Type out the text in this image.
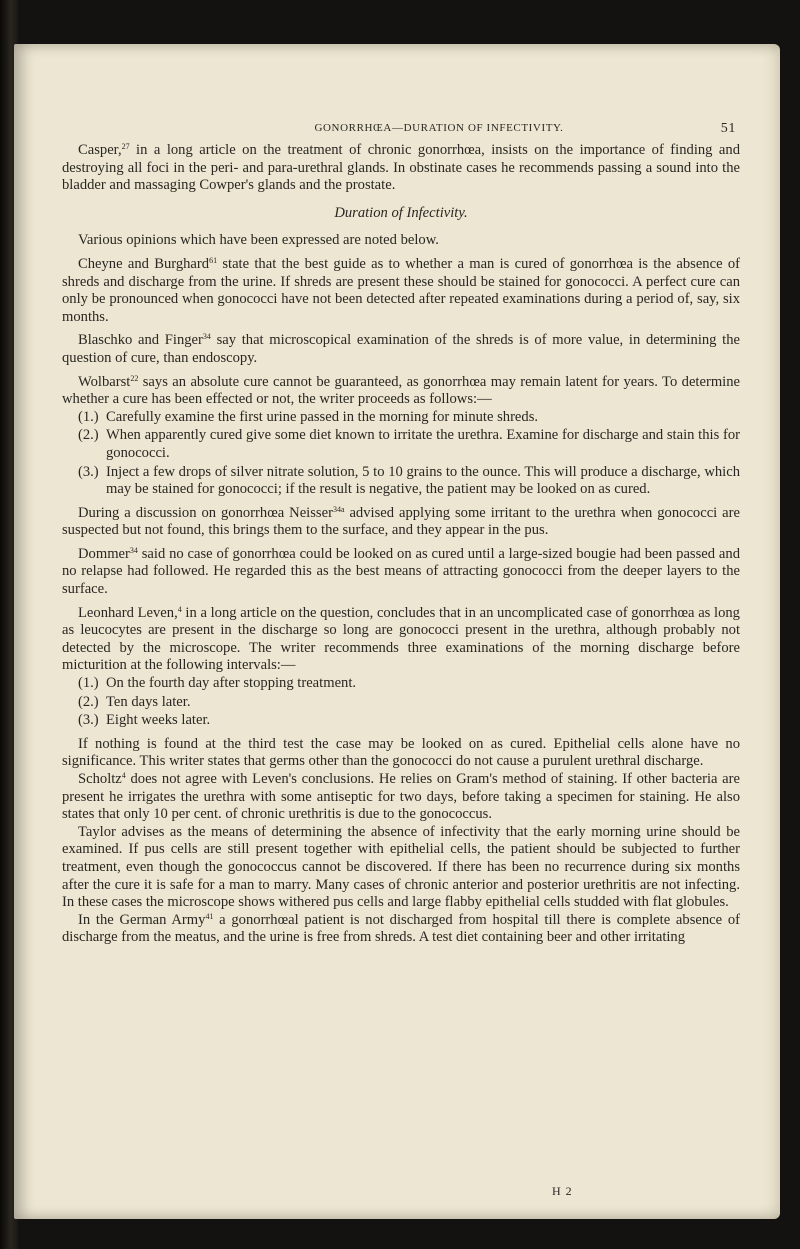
GONORRHŒA—DURATION OF INFECTIVITY.	51

Casper,$^{27}$ in a long article on the treatment of chronic gonorrhœa, insists on the importance of finding and destroying all foci in the peri- and para-urethral glands. In obstinate cases he recommends passing a sound into the bladder and massaging Cowper's glands and the prostate.

Duration of Infectivity.

Various opinions which have been expressed are noted below.

Cheyne and Burghard$^{61}$ state that the best guide as to whether a man is cured of gonorrhœa is the absence of shreds and discharge from the urine. If shreds are present these should be stained for gonococci. A perfect cure can only be pronounced when gonococci have not been detected after repeated examinations during a period of, say, six months.

Blaschko and Finger$^{34}$ say that microscopical examination of the shreds is of more value, in determining the question of cure, than endoscopy.

Wolbarst$^{22}$ says an absolute cure cannot be guaranteed, as gonorrhœa may remain latent for years. To determine whether a cure has been effected or not, the writer proceeds as follows:—

(1.) Carefully examine the first urine passed in the morning for minute shreds.
(2.) When apparently cured give some diet known to irritate the urethra. Examine for discharge and stain this for gonococci.
(3.) Inject a few drops of silver nitrate solution, 5 to 10 grains to the ounce. This will produce a discharge, which may be stained for gonococci; if the result is negative, the patient may be looked on as cured.

During a discussion on gonorrhœa Neisser$^{34a}$ advised applying some irritant to the urethra when gonococci are suspected but not found, this brings them to the surface, and they appear in the pus.

Dommer$^{34}$ said no case of gonorrhœa could be looked on as cured until a large-sized bougie had been passed and no relapse had followed. He regarded this as the best means of attracting gonococci from the deeper layers to the surface.

Leonhard Leven,$^4$ in a long article on the question, concludes that in an uncomplicated case of gonorrhœa as long as leucocytes are present in the discharge so long are gonococci present in the urethra, although probably not detected by the microscope. The writer recommends three examinations of the morning discharge before micturition at the following intervals:—

(1.) On the fourth day after stopping treatment.
(2.) Ten days later.
(3.) Eight weeks later.

If nothing is found at the third test the case may be looked on as cured. Epithelial cells alone have no significance. This writer states that germs other than the gonococci do not cause a purulent urethral discharge.

Scholtz$^4$ does not agree with Leven's conclusions. He relies on Gram's method of staining. If other bacteria are present he irrigates the urethra with some antiseptic for two days, before taking a specimen for staining. He also states that only 10 per cent. of chronic urethritis is due to the gonococcus.

Taylor advises as the means of determining the absence of infectivity that the early morning urine should be examined. If pus cells are still present together with epithelial cells, the patient should be subjected to further treatment, even though the gonococcus cannot be discovered. If there has been no recurrence during six months after the cure it is safe for a man to marry. Many cases of chronic anterior and posterior urethritis are not infecting. In these cases the microscope shows withered pus cells and large flabby epithelial cells studded with flat globules.

In the German Army$^{41}$ a gonorrhœal patient is not discharged from hospital till there is complete absence of discharge from the meatus, and the urine is free from shreds. A test diet containing beer and other irritating

H 2
